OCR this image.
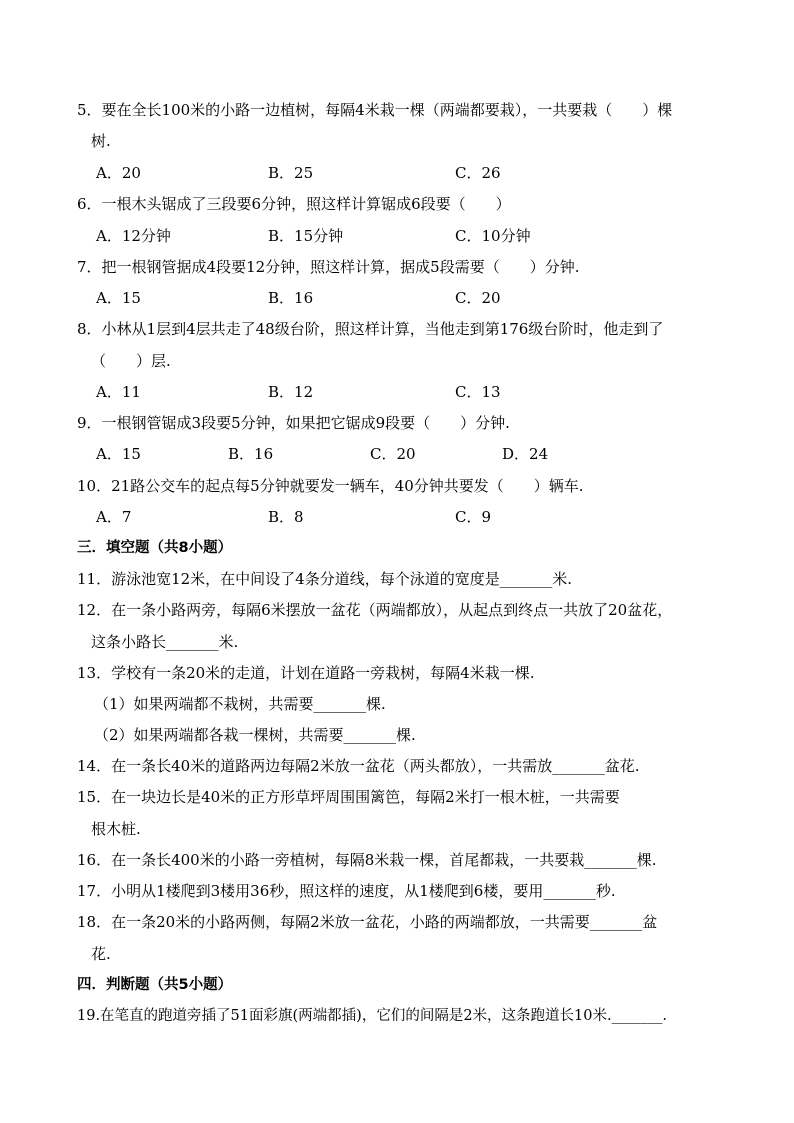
5．要在全长100米的小路一边植树，每隔4米栽一棵（两端都要栽），一共要栽（　　）棵
树.
A．20	B．25	C．26
6．一根木头锯成了三段要6分钟，照这样计算锯成6段要（　　）
A．12分钟	B．15分钟	C．10分钟
7．把一根钢管据成4段要12分钟，照这样计算，据成5段需要（　　）分钟.
A．15	B．16	C．20
8．小林从1层到4层共走了48级台阶，照这样计算，当他走到第176级台阶时，他走到了
（　　）层.
A．11	B．12	C．13
9．一根钢管锯成3段要5分钟，如果把它锯成9段要（　　）分钟.
A．15	B．16	C．20	D．24
10．21路公交车的起点每5分钟就要发一辆车，40分钟共要发（　　）辆车.
A．7	B．8	C．9
三．填空题（共8小题）
11．游泳池宽12米，在中间设了4条分道线，每个泳道的宽度是_______米.
12．在一条小路两旁，每隔6米摆放一盆花（两端都放），从起点到终点一共放了20盆花，
这条小路长_______米.
13．学校有一条20米的走道，计划在道路一旁栽树，每隔4米栽一棵.
（1）如果两端都不栽树，共需要_______棵.
（2）如果两端都各栽一棵树，共需要_______棵.
14．在一条长40米的道路两边每隔2米放一盆花（两头都放），一共需放_______盆花.
15．在一块边长是40米的正方形草坪周围围篱笆，每隔2米打一根木桩，一共需要
根木桩.
16．在一条长400米的小路一旁植树，每隔8米栽一棵，首尾都栽，一共要栽_______棵.
17．小明从1楼爬到3楼用36秒，照这样的速度，从1楼爬到6楼，要用_______秒.
18．在一条20米的小路两侧，每隔2米放一盆花，小路的两端都放，一共需要_______盆
花.
四．判断题（共5小题）
19.在笔直的跑道旁插了51面彩旗(两端都插)，它们的间隔是2米，这条跑道长10米._______.
